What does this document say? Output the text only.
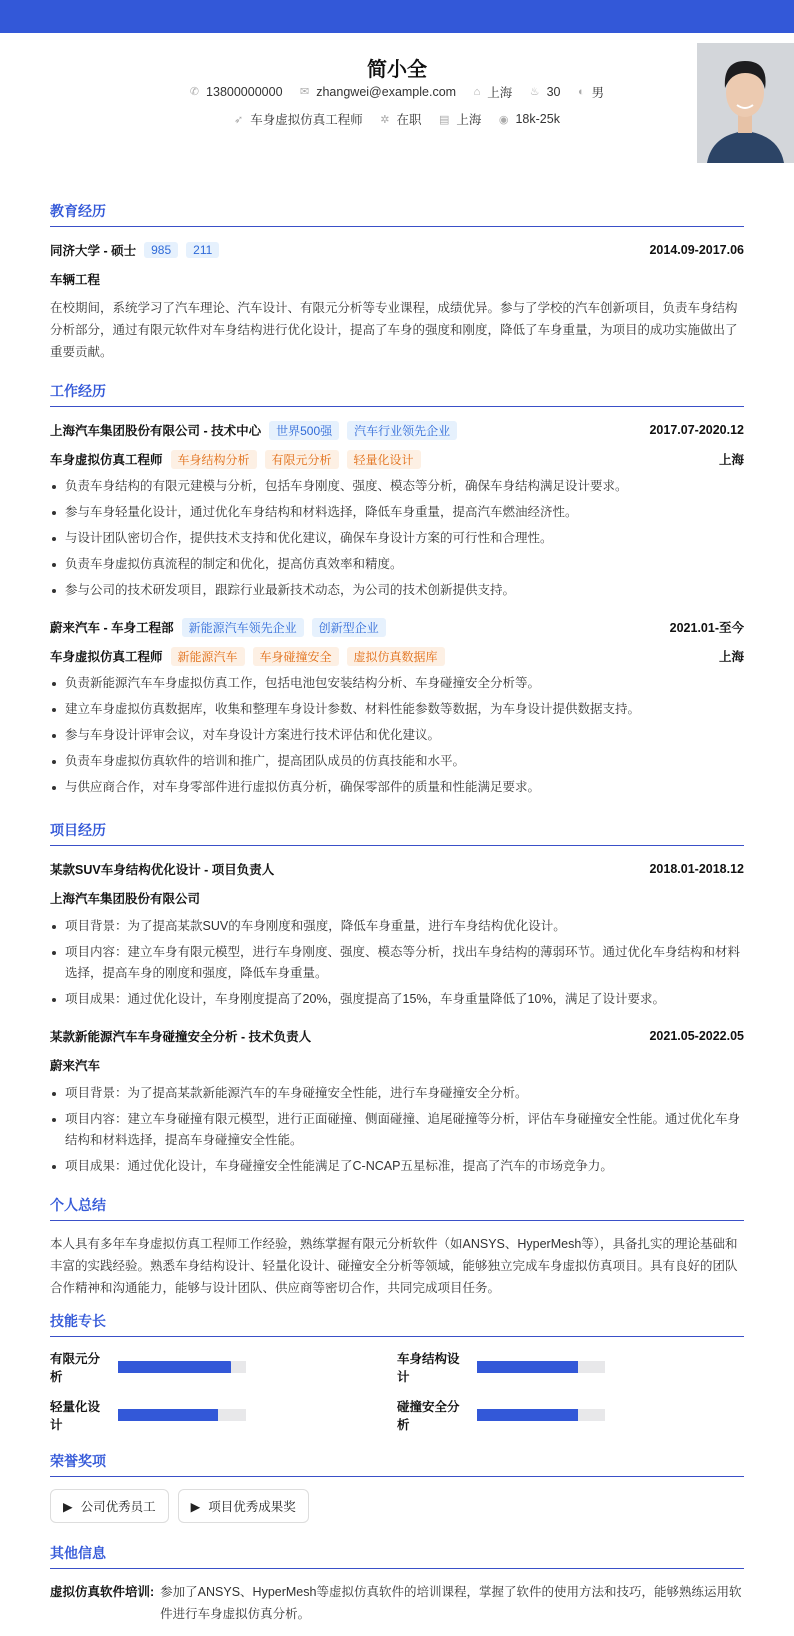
简小全
✆ 13800000000
✉ zhangwei@example.com
⌂ 上海
♨ 30
◐ 男
➶ 车身虚拟仿真工程师
✲ 在职
▤ 上海
◉ 18k-25k
教育经历
同济大学 - 硕士	985	211	2014.09-2017.06
车辆工程

在校期间，系统学习了汽车理论、汽车设计、有限元分析等专业课程，成绩优异。参与了学校的汽车创新项目，负责车身结构分析部分，通过有限元软件对车身结构进行优化设计，提高了车身的强度和刚度，降低了车身重量，为项目的成功实施做出了重要贡献。

工作经历
上海汽车集团股份有限公司 - 技术中心	世界500强	汽车行业领先企业	2017.07-2020.12
车身虚拟仿真工程师	车身结构分析	有限元分析	轻量化设计	上海
负责车身结构的有限元建模与分析，包括车身刚度、强度、模态等分析，确保车身结构满足设计要求。
参与车身轻量化设计，通过优化车身结构和材料选择，降低车身重量，提高汽车燃油经济性。
与设计团队密切合作，提供技术支持和优化建议，确保车身设计方案的可行性和合理性。
负责车身虚拟仿真流程的制定和优化，提高仿真效率和精度。
参与公司的技术研发项目，跟踪行业最新技术动态，为公司的技术创新提供支持。
蔚来汽车 - 车身工程部	新能源汽车领先企业	创新型企业	2021.01-至今
车身虚拟仿真工程师	新能源汽车	车身碰撞安全	虚拟仿真数据库	上海
负责新能源汽车车身虚拟仿真工作，包括电池包安装结构分析、车身碰撞安全分析等。
建立车身虚拟仿真数据库，收集和整理车身设计参数、材料性能参数等数据，为车身设计提供数据支持。
参与车身设计评审会议，对车身设计方案进行技术评估和优化建议。
负责车身虚拟仿真软件的培训和推广，提高团队成员的仿真技能和水平。
与供应商合作，对车身零部件进行虚拟仿真分析，确保零部件的质量和性能满足要求。
项目经历
某款SUV车身结构优化设计 - 项目负责人	2018.01-2018.12
上海汽车集团股份有限公司
项目背景：为了提高某款SUV的车身刚度和强度，降低车身重量，进行车身结构优化设计。
项目内容：建立车身有限元模型，进行车身刚度、强度、模态等分析，找出车身结构的薄弱环节。通过优化车身结构和材料选择，提高车身的刚度和强度，降低车身重量。
项目成果：通过优化设计，车身刚度提高了20%，强度提高了15%，车身重量降低了10%，满足了设计要求。
某款新能源汽车车身碰撞安全分析 - 技术负责人	2021.05-2022.05
蔚来汽车
项目背景：为了提高某款新能源汽车的车身碰撞安全性能，进行车身碰撞安全分析。
项目内容：建立车身碰撞有限元模型，进行正面碰撞、侧面碰撞、追尾碰撞等分析，评估车身碰撞安全性能。通过优化车身结构和材料选择，提高车身碰撞安全性能。
项目成果：通过优化设计，车身碰撞安全性能满足了C-NCAP五星标准，提高了汽车的市场竞争力。
个人总结

本人具有多年车身虚拟仿真工程师工作经验，熟练掌握有限元分析软件（如ANSYS、HyperMesh等），具备扎实的理论基础和丰富的实践经验。熟悉车身结构设计、轻量化设计、碰撞安全分析等领域，能够独立完成车身虚拟仿真项目。具有良好的团队合作精神和沟通能力，能够与设计团队、供应商等密切合作，共同完成项目任务。

技能专长
有限元分析
车身结构设计
轻量化设计
碰撞安全分析
荣誉奖项
▶ 公司优秀员工	▶ 项目优秀成果奖
其他信息
虚拟仿真软件培训: 参加了ANSYS、HyperMesh等虚拟仿真软件的培训课程，掌握了软件的使用方法和技巧，能够熟练运用软件进行车身虚拟仿真分析。
